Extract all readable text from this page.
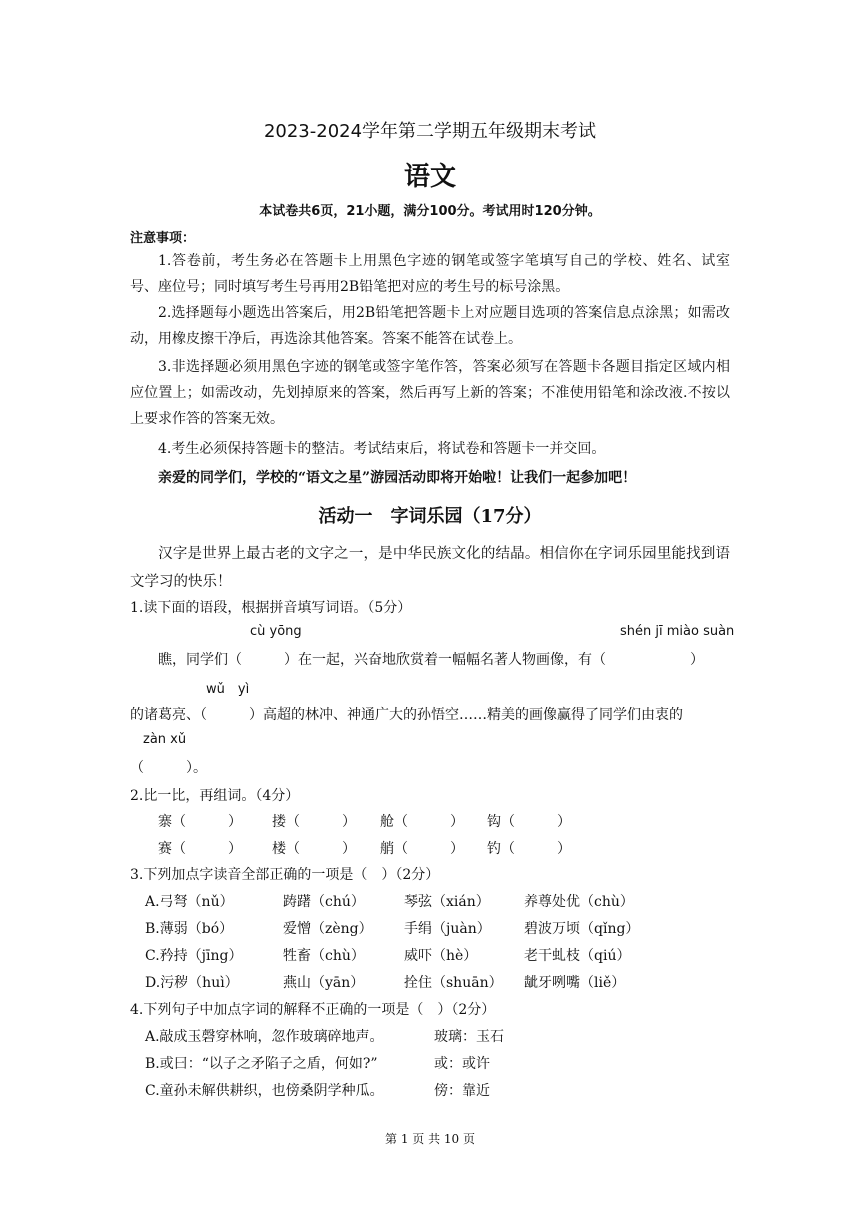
2023-2024学年第二学期五年级期末考试
语文
本试卷共6页，21小题，满分100分。考试用时120分钟。
注意事项：
1.答卷前，考生务必在答题卡上用黑色字迹的钢笔或签字笔填写自己的学校、姓名、试室号、座位号；同时填写考生号再用2B铅笔把对应的考生号的标号涂黑。
2.选择题每小题选出答案后，用2B铅笔把答题卡上对应题目选项的答案信息点涂黑；如需改动，用橡皮擦干净后，再选涂其他答案。答案不能答在试卷上。
3.非选择题必须用黑色字迹的钢笔或签字笔作答，答案必须写在答题卡各题目指定区域内相应位置上；如需改动，先划掉原来的答案，然后再写上新的答案；不准使用铅笔和涂改液.不按以上要求作答的答案无效。
4.考生必须保持答题卡的整洁。考试结束后，将试卷和答题卡一并交回。
亲爱的同学们，学校的“语文之星”游园活动即将开始啦！让我们一起参加吧！
活动一　字词乐园（17分）
汉字是世界上最古老的文字之一，是中华民族文化的结晶。相信你在字词乐园里能找到语文学习的快乐！
1.读下面的语段，根据拼音填写词语。（5分）
cù yōng	shén jī miào suàn
瞧，同学们（　　　）在一起，兴奋地欣赏着一幅幅名著人物画像，有（　　　　　　）
wǔ　yì
的诸葛亮、（　　　）高超的林冲、神通广大的孙悟空……精美的画像赢得了同学们由衷的
zàn xǔ
（　　　）。
2.比一比，再组词。（4分）
寨（　　　） 搂（　　　） 舱（　　　） 钩（　　　）
赛（　　　） 楼（　　　） 艄（　　　） 钓（　　　）
3.下列加点字读音全部正确的一项是（　）（2分）
A.弓弩（nǔ）	踌躇（chú）	琴弦（xián） 养尊处优（chù）
B.薄弱（bó）	爱憎（zèng） 手绢（juàn） 碧波万顷（qǐng）
C.矜持（jīng）	牲畜（chù）	威吓（hè）	老干虬枝（qiú）
D.污秽（huì）	燕山（yān）	拴住（shuān） 龇牙咧嘴（liě）
4.下列句子中加点字词的解释不正确的一项是（　）（2分）
A.敲成玉磬穿林响，忽作玻璃碎地声。	玻璃：玉石
B.或曰：“以子之矛陷子之盾，何如?”	或：或许
C.童孙未解供耕织，也傍桑阴学种瓜。	傍：靠近
第 1 页 共 10 页
